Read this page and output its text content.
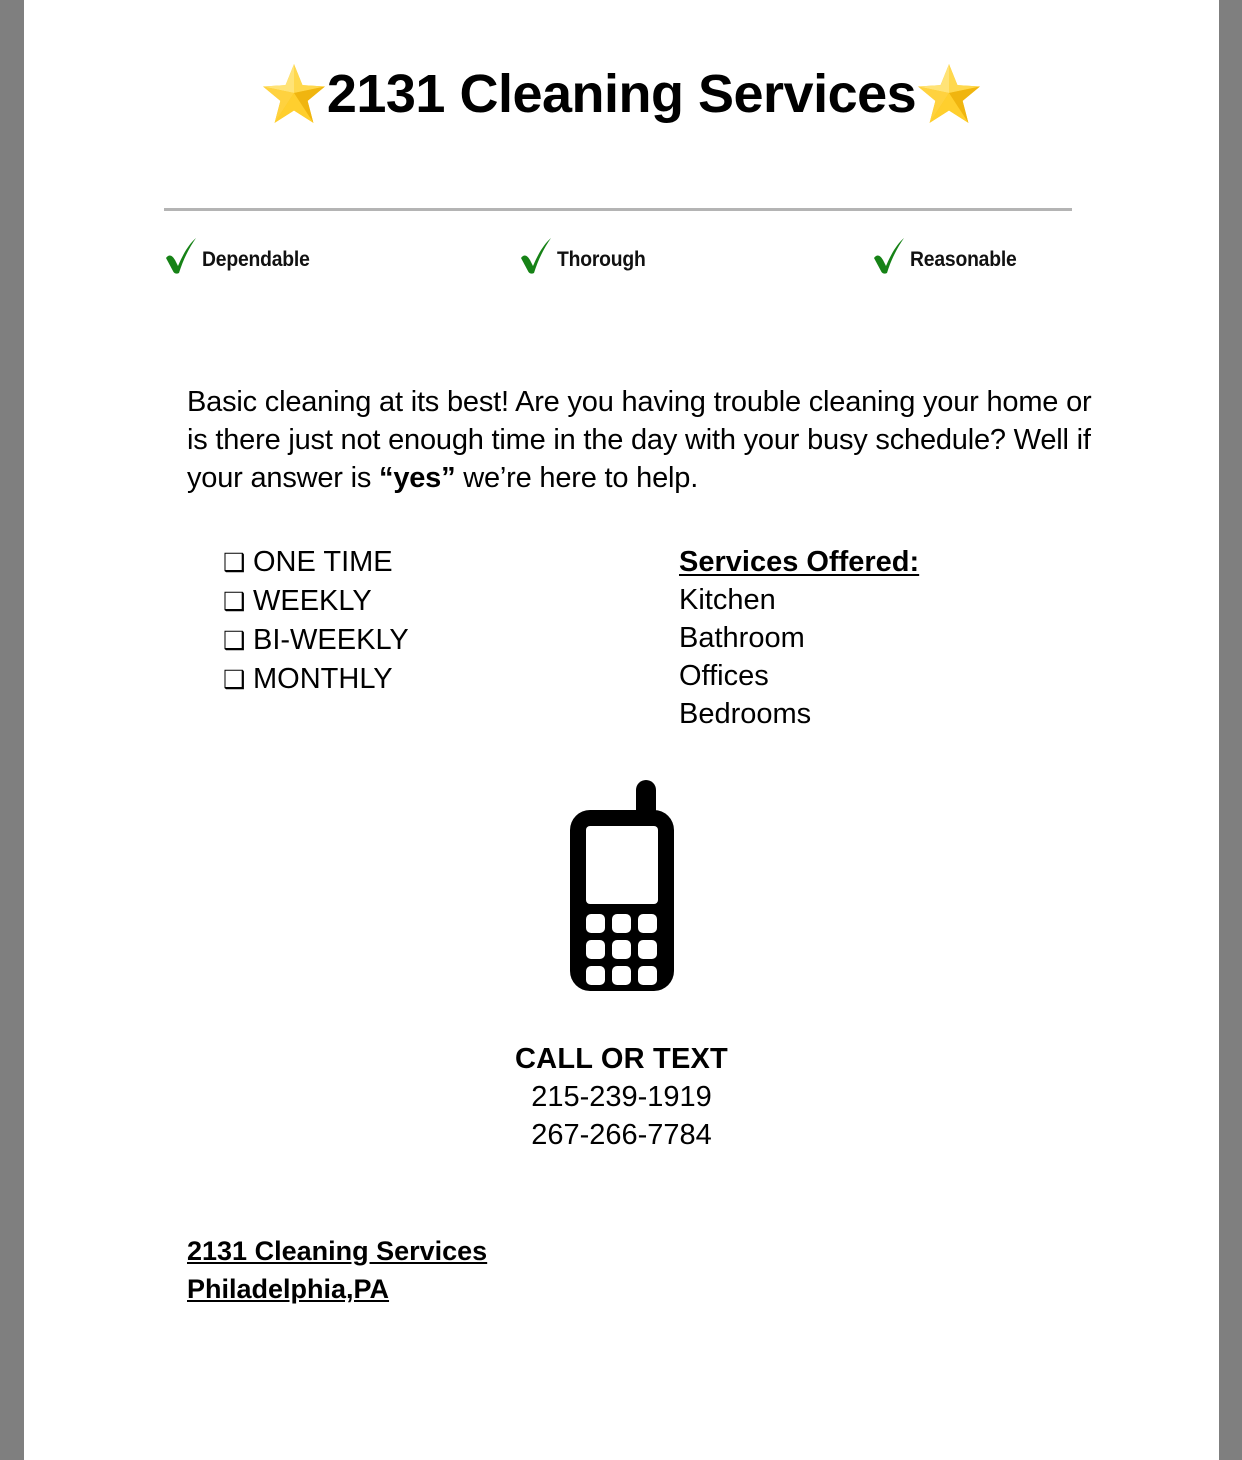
2131 Cleaning Services
Dependable	Thorough	Reasonable

Basic cleaning at its best! Are you having trouble cleaning your home or is there just not enough time in the day with your busy schedule? Well if your answer is “yes” we’re here to help.

❑ ONE TIME
❑ WEEKLY
❑ BI-WEEKLY
❑ MONTHLY
Services Offered:
Kitchen
Bathroom
Offices
Bedrooms
CALL OR TEXT
215-239-1919
267-266-7784
2131 Cleaning Services
Philadelphia,PA
